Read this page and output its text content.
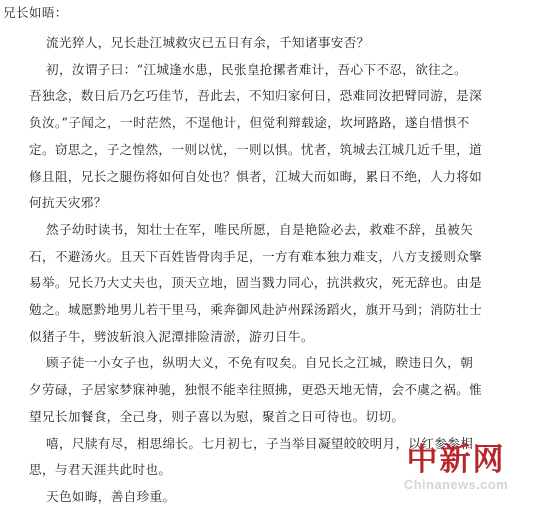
兄长如晤：
流光猝人，兄长赴江城救灾已五日有余，千知诸事安否？
初，汝谓子曰：“江城逢水患，民张皇抢摞者难计，吾心下不忍，欲往之。
吾独念，数日后乃乞巧佳节，吾此去，不知归家何日，恐难同汝把臂同游，是深
负汝。”子闻之，一时茫然，不逞他计，但觉利辩载途，坎坷路路，遂自惜惧不
定。窃思之，子之惶然，一则以忧，一则以惧。忧者，筑城去江城几近千里，道
修且阻，兄长之腿伤将如何自处也？惧者，江城大而如晦，累日不绝，人力将如
何抗天灾邪？
然子幼时读书，知壮士在军，唯民所愿，自是艳险必去，救难不辞，虽被矢
石，不避汤火。且天下百姓皆骨肉手足，一方有难本独力难支，八方支援则众擎
易举。兄长乃大丈夫也，顶天立地，固当戮力同心，抗洪救灾，死无辞也。由是
勉之。城愿黔地男儿若干里马，乘奔御风赴泸州踩汤蹈火，旗开马到；消防壮士
似猪子牛，劈波斩浪入泥潭排险清淤，游刃日牛。
顾子徒一小女子也，纵明大义，不免有叹矣。自兄长之江城，睽违日久，朝
夕劳碌，子居家梦寐神驰，独恨不能幸往照拂，更恐天地无情，会不虞之祸。惟
望兄长加餐食，全己身，则子喜以为慰，聚首之日可待也。切切。
嘻，尺牍有尽，相思绵长。七月初七，子当举目凝望皎皎明月，以红参参相
思，与君天涯共此时也。
天色如晦，善自珍重。
中新网
Chinanews.com
